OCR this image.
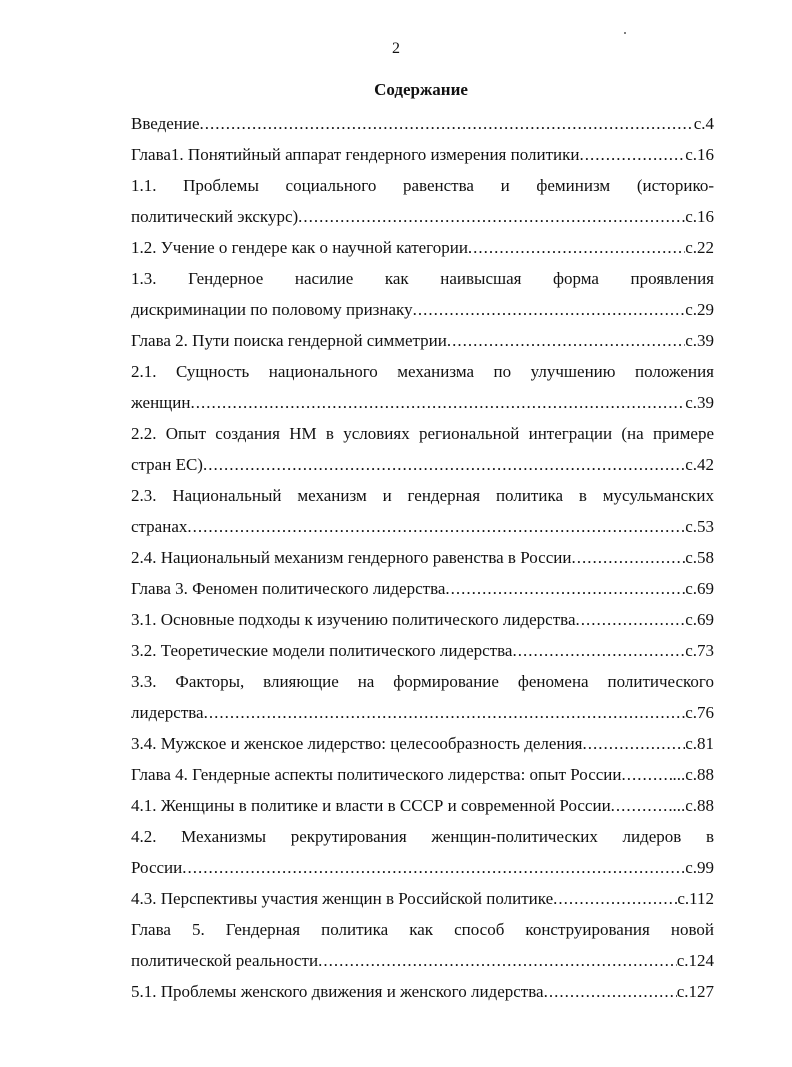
2
Содержание
Введение .....	с.4
Глава1. Понятийный аппарат гендерного измерения политики .....	с.16
1.1. Проблемы социального равенства и феминизм (историко-
политический экскурс) .....	с.16
1.2. Учение о гендере как о научной категории .....	с.22
1.3. Гендерное насилие как наивысшая форма проявления
дискриминации по половому признаку .....	с.29
Глава 2. Пути поиска гендерной симметрии .....	с.39
2.1. Сущность национального механизма по улучшению положения
женщин .....	с.39
2.2. Опыт создания НМ в условиях региональной интеграции (на примере
стран ЕС) .....	с.42
2.3. Национальный механизм и гендерная политика в мусульманских
странах .....	с.53
2.4. Национальный механизм гендерного равенства в России .....	с.58
Глава 3. Феномен политического лидерства .....	с.69
3.1. Основные подходы к изучению политического лидерства .....	с.69
3.2. Теоретические модели политического лидерства .....	с.73
3.3. Факторы, влияющие на формирование феномена политического
лидерства .....	с.76
3.4. Мужское и женское лидерство: целесообразность деления .....	с.81
Глава 4. Гендерные аспекты политического лидерства: опыт России .....	...с.88
4.1. Женщины в политике и власти в СССР и современной России .....	...с.88
4.2. Механизмы рекрутирования женщин-политических лидеров в
России .....	с.99
4.3. Перспективы участия женщин в Российской политике .....	с.112
Глава 5. Гендерная политика как способ конструирования новой
политической реальности .....	с.124
5.1. Проблемы женского движения и женского лидерства .....	с.127
